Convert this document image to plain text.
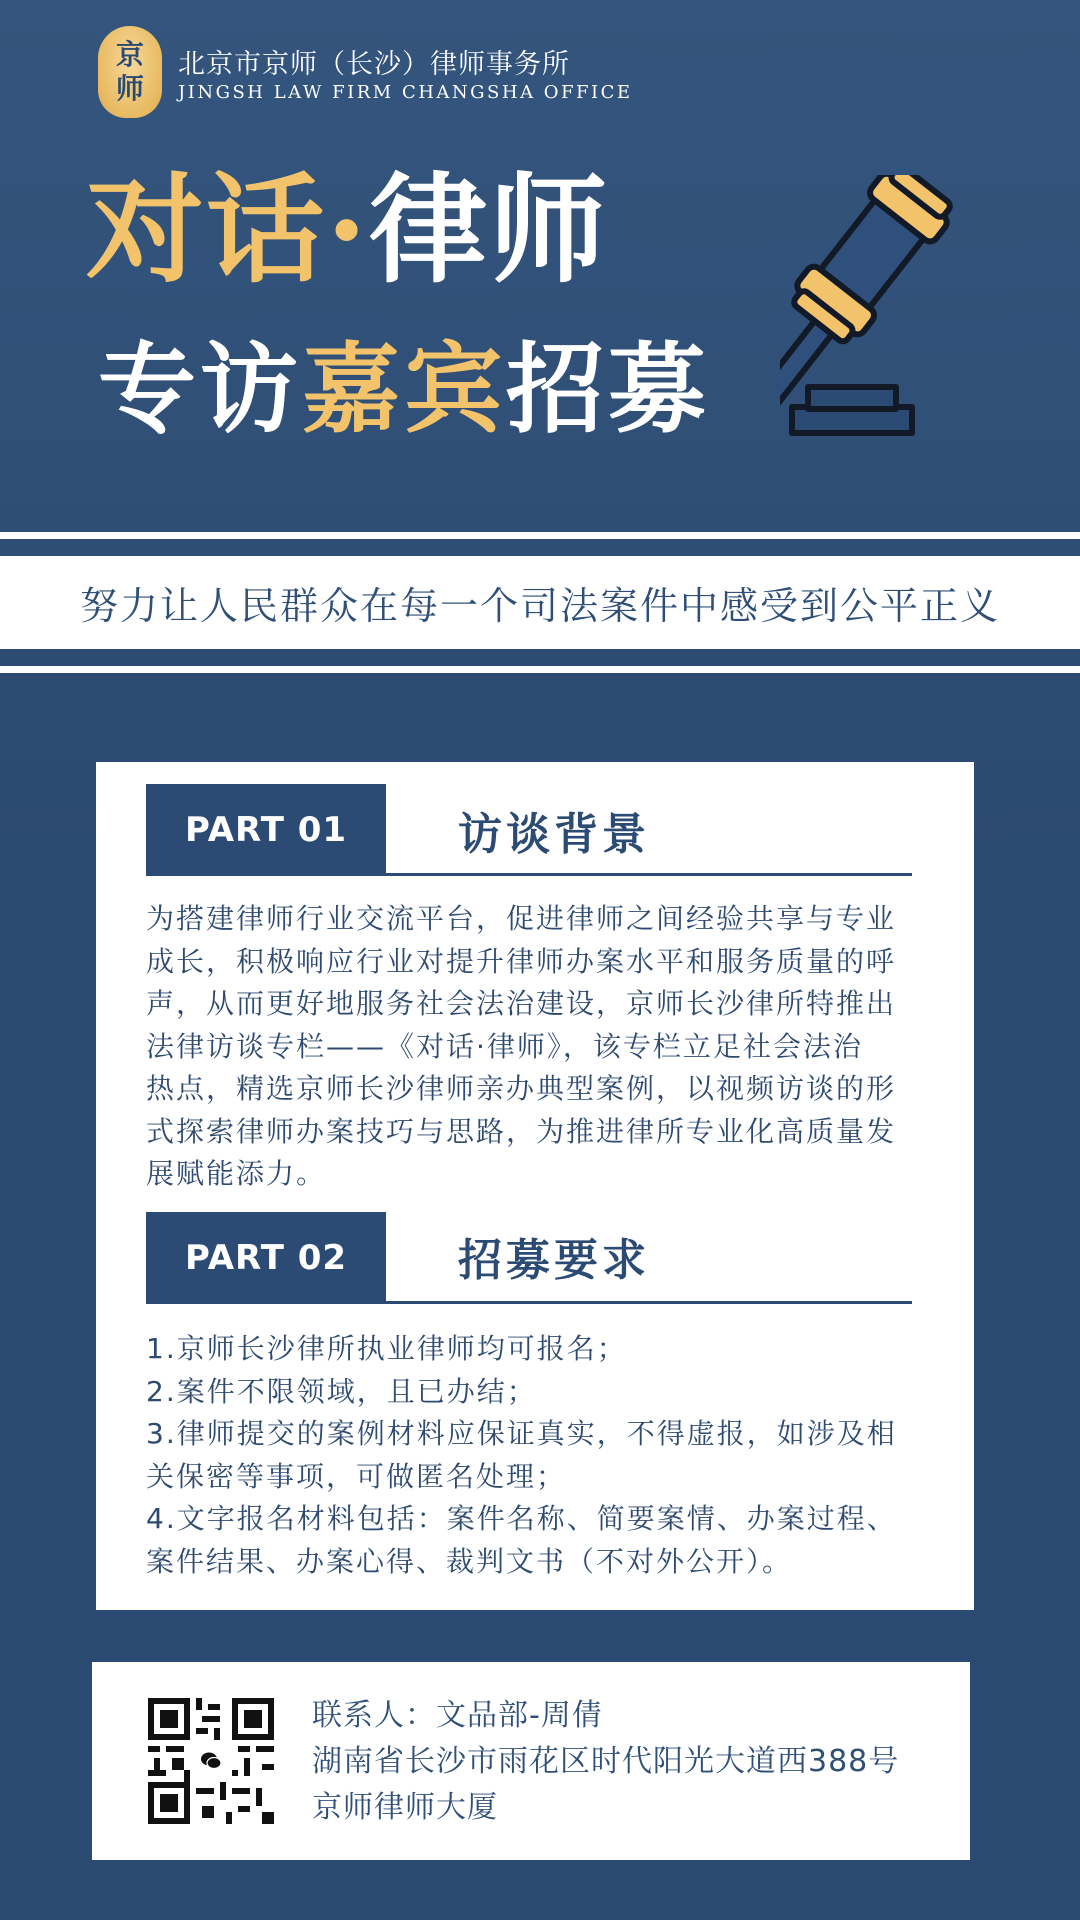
京
师
北京市京师（长沙）律师事务所
JINGSH LAW FIRM CHANGSHA OFFICE
对话·律师
专访嘉宾招募
努力让人民群众在每一个司法案件中感受到公平正义
PART 01	访谈背景
为搭建律师行业交流平台，促进律师之间经验共享与专业
成长，积极响应行业对提升律师办案水平和服务质量的呼
声，从而更好地服务社会法治建设，京师长沙律所特推出
法律访谈专栏——《对话·律师》，该专栏立足社会法治
热点，精选京师长沙律师亲办典型案例，以视频访谈的形
式探索律师办案技巧与思路，为推进律所专业化高质量发
展赋能添力。
PART 02	招募要求
1.京师长沙律所执业律师均可报名；
2.案件不限领域，且已办结；
3.律师提交的案例材料应保证真实，不得虚报，如涉及相
关保密等事项，可做匿名处理；
4.文字报名材料包括：案件名称、简要案情、办案过程、
案件结果、办案心得、裁判文书（不对外公开）。
联系人：文品部-周倩
湖南省长沙市雨花区时代阳光大道西388号
京师律师大厦
